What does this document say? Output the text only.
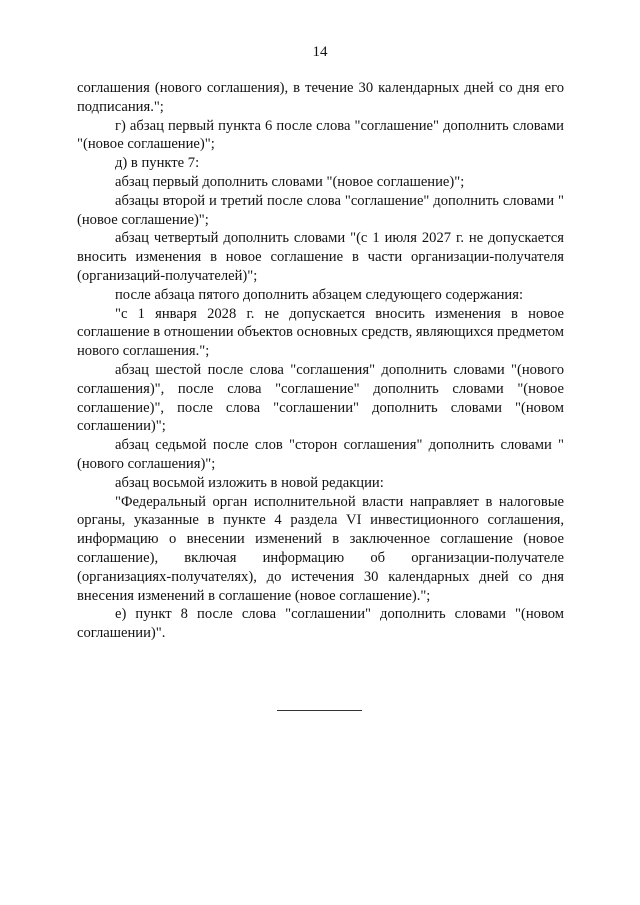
14

соглашения (нового соглашения), в течение 30 календарных дней со дня его подписания.";

г) абзац первый пункта 6 после слова "соглашение" дополнить словами "(новое соглашение)";

д) в пункте 7:

абзац первый дополнить словами "(новое соглашение)";

абзацы второй и третий после слова "соглашение" дополнить словами "(новое соглашение)";

абзац четвертый дополнить словами "(с 1 июля 2027 г. не допускается вносить изменения в новое соглашение в части организации-получателя (организаций-получателей)";

после абзаца пятого дополнить абзацем следующего содержания:

"с 1 января 2028 г. не допускается вносить изменения в новое соглашение в отношении объектов основных средств, являющихся предметом нового соглашения.";

абзац шестой после слова "соглашения" дополнить словами "(нового соглашения)", после слова "соглашение" дополнить словами "(новое соглашение)", после слова "соглашении" дополнить словами "(новом соглашении)";

абзац седьмой после слов "сторон соглашения" дополнить словами "(нового соглашения)";

абзац восьмой изложить в новой редакции:

"Федеральный орган исполнительной власти направляет в налоговые органы, указанные в пункте 4 раздела VI инвестиционного соглашения, информацию о внесении изменений в заключенное соглашение (новое соглашение), включая информацию об организации-получателе (организациях-получателях), до истечения 30 календарных дней со дня внесения изменений в соглашение (новое соглашение).";

е) пункт 8 после слова "соглашении" дополнить словами "(новом соглашении)".
